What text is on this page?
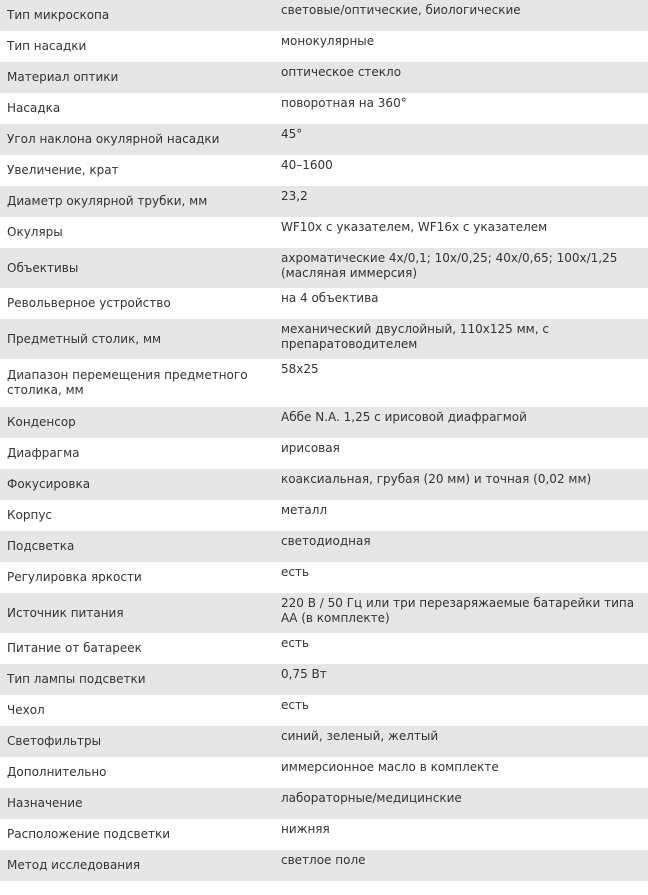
Тип микроскопа	световые/оптические, биологические
Тип насадки	монокулярные
Материал оптики	оптическое стекло
Насадка	поворотная на 360°
Угол наклона окулярной насадки	45°
Увеличение, крат	40–1600
Диаметр окулярной трубки, мм	23,2
Окуляры	WF10x с указателем, WF16x с указателем
Объективы	ахроматические 4x/0,1; 10x/0,25; 40x/0,65; 100x/1,25 (масляная иммерсия)
Револьверное устройство	на 4 объектива
Предметный столик, мм	механический двуслойный, 110x125 мм, с препаратоводителем
Диапазон перемещения предметного столика, мм	58x25
Конденсор	Аббе N.A. 1,25 с ирисовой диафрагмой
Диафрагма	ирисовая
Фокусировка	коаксиальная, грубая (20 мм) и точная (0,02 мм)
Корпус	металл
Подсветка	светодиодная
Регулировка яркости	есть
Источник питания	220 В / 50 Гц или три перезаряжаемые батарейки типа АА (в комплекте)
Питание от батареек	есть
Тип лампы подсветки	0,75 Вт
Чехол	есть
Светофильтры	синий, зеленый, желтый
Дополнительно	иммерсионное масло в комплекте
Назначение	лабораторные/медицинские
Расположение подсветки	нижняя
Метод исследования	светлое поле
